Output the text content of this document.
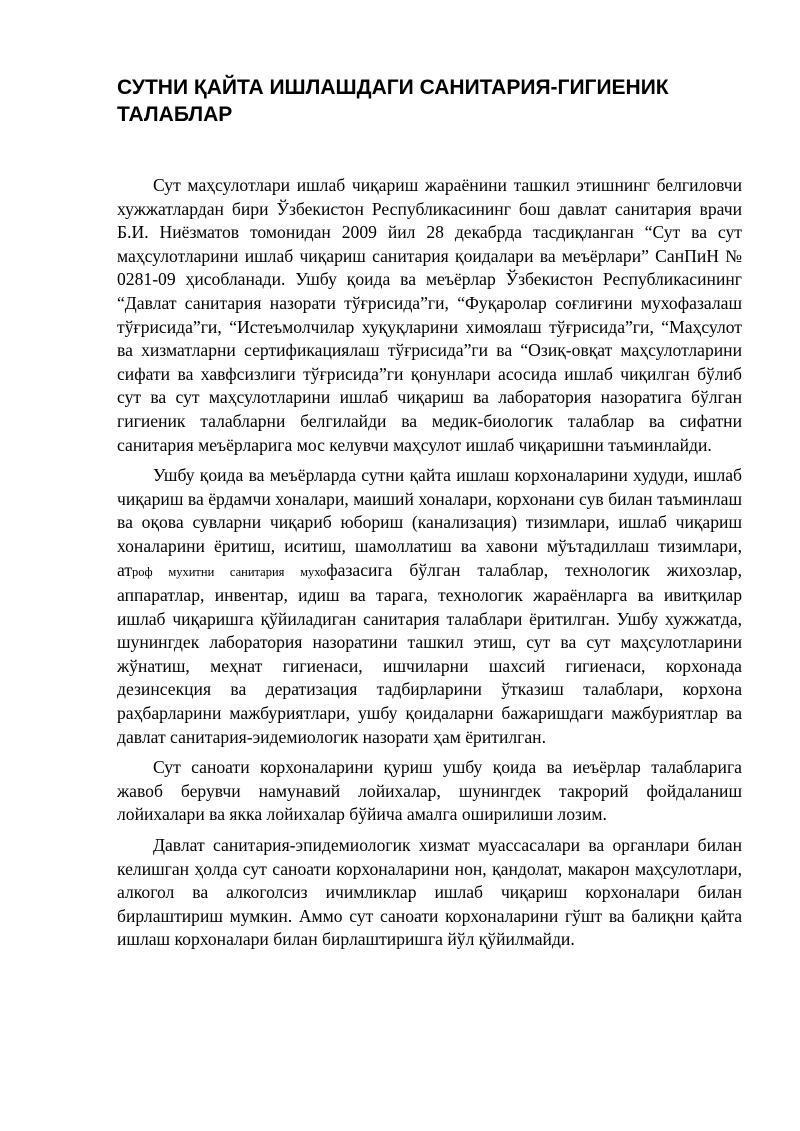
СУТНИ ҚАЙТА ИШЛАШДАГИ САНИТАРИЯ-ГИГИЕНИК ТАЛАБЛАР

Сут маҳсулотлари ишлаб чиқариш жараёнини ташкил этишнинг белгиловчи хужжатлардан бири Ўзбекистон Республикасининг бош давлат санитария врачи Б.И. Ниёзматов томонидан 2009 йил 28 декабрда тасдиқланган “Сут ва сут маҳсулотларини ишлаб чиқариш санитария қоидалари ва меъёрлари” СанПиН № 0281-09 ҳисобланади. Ушбу қоида ва меъёрлар Ўзбекистон Республикасининг “Давлат санитария назорати тўғрисида”ги, “Фуқаролар соғлиғини мухофазалаш тўғрисида”ги, “Истеъмолчилар хуқуқларини химоялаш тўғрисида”ги, “Маҳсулот ва хизматларни сертификациялаш тўғрисида”ги ва “Озиқ-овқат маҳсулотларини сифати ва хавфсизлиги тўғрисида”ги қонунлари асосида ишлаб чиқилган бўлиб сут ва сут маҳсулотларини ишлаб чиқариш ва лаборатория назоратига бўлган гигиеник талабларни белгилайди ва медик-биологик талаблар ва сифатни санитария меъёрларига мос келувчи маҳсулот ишлаб чиқаришни таъминлайди.

Ушбу қоида ва меъёрларда сутни қайта ишлаш корхоналарини худуди, ишлаб чиқариш ва ёрдамчи хоналари, маиший хоналари, корхонани сув билан таъминлаш ва оқова сувларни чиқариб юбориш (канализация) тизимлари, ишлаб чиқариш хоналарини ёритиш, иситиш, шамоллатиш ва хавони мўътадиллаш тизимлари, атроф мухитни санитария мухофазасига бўлган талаблар, технологик жихозлар, аппаратлар, инвентар, идиш ва тарага, технологик жараёнларга ва ивитқилар ишлаб чиқаришга қўйиладиган санитария талаблари ёритилган. Ушбу хужжатда, шунингдек лаборатория назоратини ташкил этиш, сут ва сут маҳсулотларини жўнатиш, меҳнат гигиенаси, ишчиларни шахсий гигиенаси, корхонада дезинсекция ва дератизация тадбирларини ўтказиш талаблари, корхона раҳбарларини мажбуриятлари, ушбу қоидаларни бажаришдаги мажбуриятлар ва давлат санитария-эидемиологик назорати ҳам ёритилган.

Сут саноати корхоналарини қуриш ушбу қоида ва иеъёрлар талабларига жавоб берувчи намунавий лойихалар, шунингдек такрорий фойдаланиш лойихалари ва якка лойихалар бўйича амалга оширилиши лозим.

Давлат санитария-эпидемиологик хизмат муассасалари ва органлари билан келишган ҳолда сут саноати корхоналарини нон, қандолат, макарон маҳсулотлари, алкогол ва алкоголсиз ичимликлар ишлаб чиқариш корхоналари билан бирлаштириш мумкин. Аммо сут саноати корхоналарини гўшт ва балиқни қайта ишлаш корхоналари билан бирлаштиришга йўл қўйилмайди.
